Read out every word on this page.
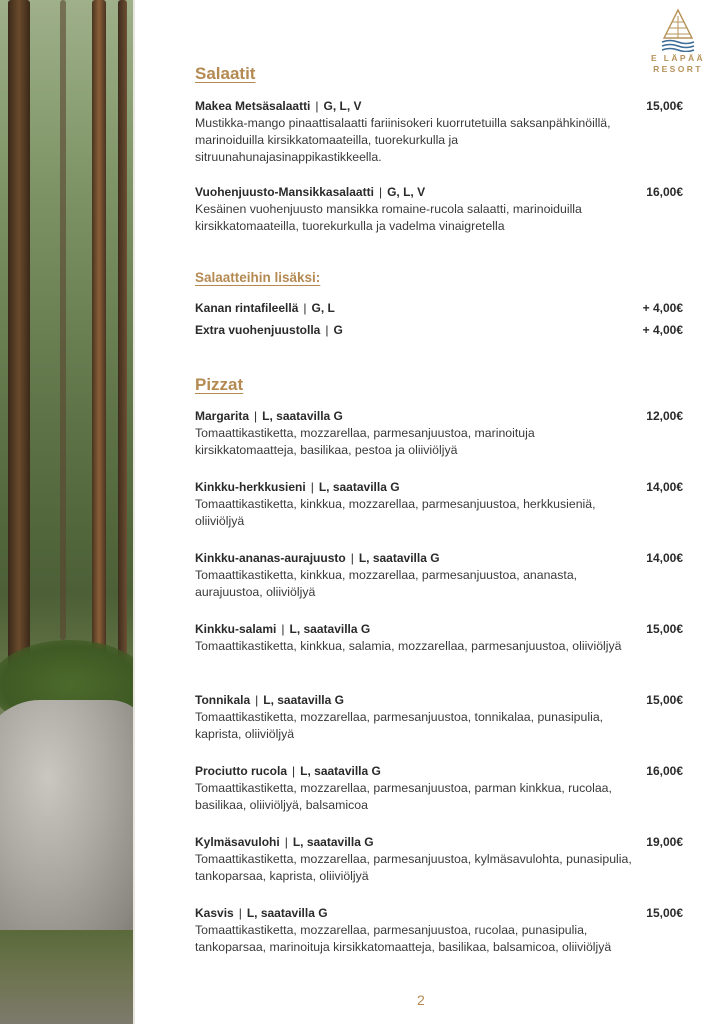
E LÄPÄÄ
RESORT
Salaatit
Makea Metsäsalaatti | G, L, V	15,00€
Mustikka-mango pinaattisalaatti fariinisokeri kuorrutetuilla saksanpähkinöillä, marinoiduilla kirsikkatomaateilla, tuorekurkulla ja sitruunahunajasinappikastikkeella.
Vuohenjuusto-Mansikkasalaatti | G, L, V	16,00€
Kesäinen vuohenjuusto mansikka romaine-rucola salaatti, marinoiduilla kirsikkatomaateilla, tuorekurkulla ja vadelma vinaigretella
Salaatteihin lisäksi:
Kanan rintafileellä | G, L	+ 4,00€
Extra vuohenjuustolla | G	+ 4,00€
Pizzat
Margarita | L, saatavilla G	12,00€
Tomaattikastiketta, mozzarellaa, parmesanjuustoa, marinoituja kirsikkatomaatteja, basilikaa, pestoa ja oliiviöljyä
Kinkku-herkkusieni | L, saatavilla G	14,00€
Tomaattikastiketta, kinkkua, mozzarellaa, parmesanjuustoa, herkkusieniä, oliiviöljyä
Kinkku-ananas-aurajuusto | L, saatavilla G	14,00€
Tomaattikastiketta, kinkkua, mozzarellaa, parmesanjuustoa, ananasta, aurajuustoa, oliiviöljyä
Kinkku-salami | L, saatavilla G	15,00€
Tomaattikastiketta, kinkkua, salamia, mozzarellaa, parmesanjuustoa, oliiviöljyä
Tonnikala | L, saatavilla G	15,00€
Tomaattikastiketta, mozzarellaa, parmesanjuustoa, tonnikalaa, punasipulia, kaprista, oliiviöljyä
Prociutto rucola | L, saatavilla G	16,00€
Tomaattikastiketta, mozzarellaa, parmesanjuustoa, parman kinkkua, rucolaa, basilikaa, oliiviöljyä, balsamicoa
Kylmäsavulohi | L, saatavilla G	19,00€
Tomaattikastiketta, mozzarellaa, parmesanjuustoa, kylmäsavulohta, punasipulia, tankoparsaa, kaprista, oliiviöljyä
Kasvis | L, saatavilla G	15,00€
Tomaattikastiketta, mozzarellaa, parmesanjuustoa, rucolaa, punasipulia, tankoparsaa, marinoituja kirsikkatomaatteja, basilikaa, balsamicoa, oliiviöljyä
2
